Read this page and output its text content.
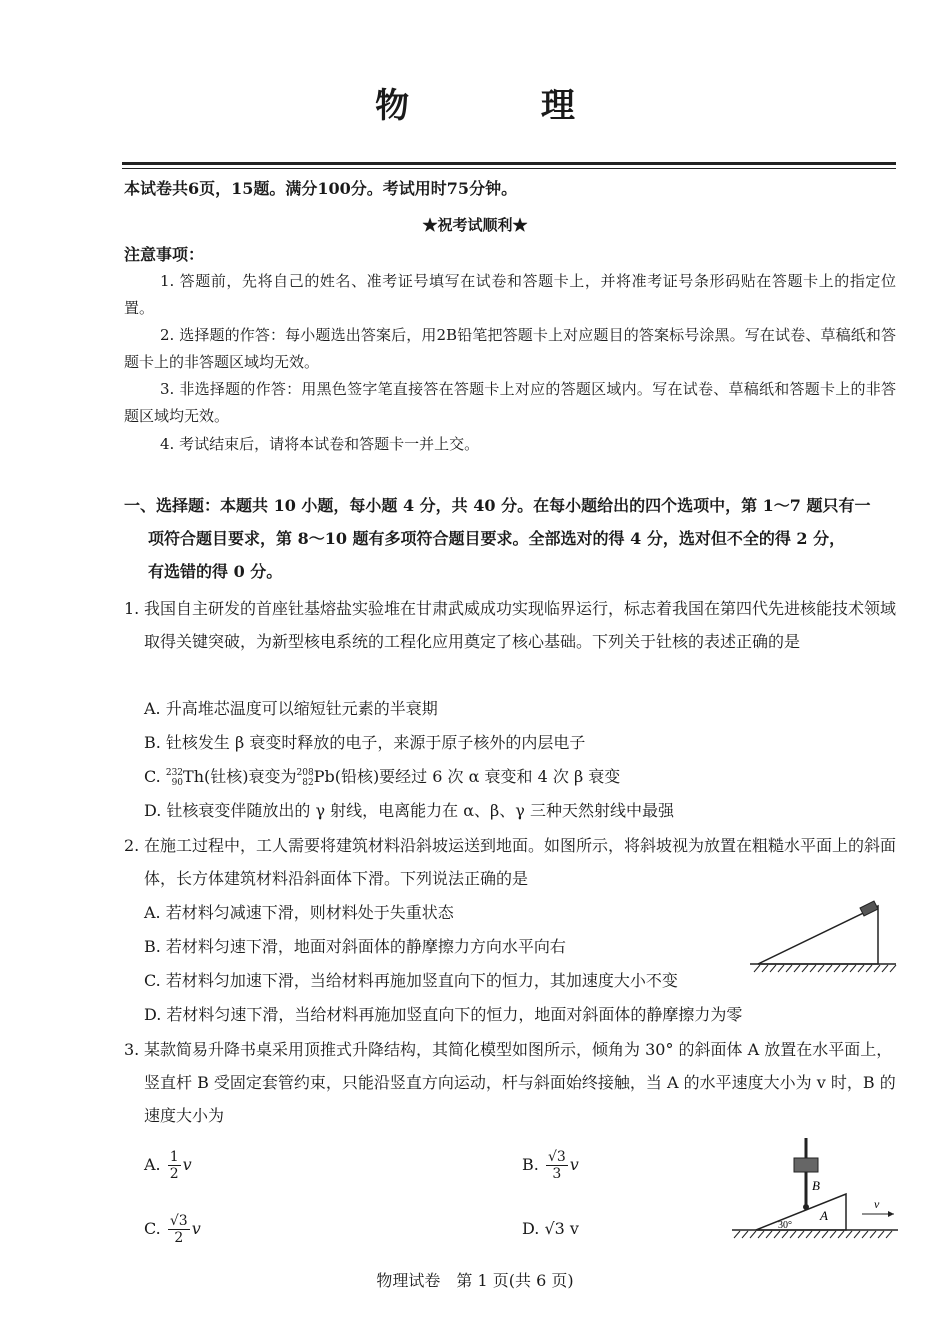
物 理
本试卷共6页，15题。满分100分。考试用时75分钟。
★祝考试顺利★
注意事项：
1. 答题前，先将自己的姓名、准考证号填写在试卷和答题卡上，并将准考证号条形码贴在答题卡上的指定位置。
2. 选择题的作答：每小题选出答案后，用2B铅笔把答题卡上对应题目的答案标号涂黑。写在试卷、草稿纸和答题卡上的非答题区域均无效。
3. 非选择题的作答：用黑色签字笔直接答在答题卡上对应的答题区域内。写在试卷、草稿纸和答题卡上的非答题区域均无效。
4. 考试结束后，请将本试卷和答题卡一并上交。
一、选择题：本题共 10 小题，每小题 4 分，共 40 分。在每小题给出的四个选项中，第 1～7 题只有一
项符合题目要求，第 8～10 题有多项符合题目要求。全部选对的得 4 分，选对但不全的得 2 分，
有选错的得 0 分。
1. 我国自主研发的首座钍基熔盐实验堆在甘肃武威成功实现临界运行，标志着我国在第四代先进核能技术领域取得关键突破，为新型核电系统的工程化应用奠定了核心基础。下列关于钍核的表述正确的是
A. 升高堆芯温度可以缩短钍元素的半衰期
B. 钍核发生 β 衰变时释放的电子，来源于原子核外的内层电子
C. 232
90 Th(钍核)衰变为 208
82 Pb(铅核)要经过 6 次 α 衰变和 4 次 β 衰变
D. 钍核衰变伴随放出的 γ 射线，电离能力在 α、β、γ 三种天然射线中最强
2. 在施工过程中，工人需要将建筑材料沿斜坡运送到地面。如图所示，将斜坡视为放置在粗糙水平面上的斜面体，长方体建筑材料沿斜面体下滑。下列说法正确的是
A. 若材料匀减速下滑，则材料处于失重状态
B. 若材料匀速下滑，地面对斜面体的静摩擦力方向水平向右
C. 若材料匀加速下滑，当给材料再施加竖直向下的恒力，其加速度大小不变
D. 若材料匀速下滑，当给材料再施加竖直向下的恒力，地面对斜面体的静摩擦力为零
3. 某款简易升降书桌采用顶推式升降结构，其简化模型如图所示，倾角为 30° 的斜面体 A 放置在水平面上，竖直杆 B 受固定套管约束，只能沿竖直方向运动，杆与斜面始终接触，当 A 的水平速度大小为 v 时，B 的速度大小为
A. $\frac{1}{2}$ v	B. $\frac{√3}{3}$ v
C. $\frac{√3}{2}$ v	D. √3 v
B
A
30°
v
物理试卷　第 1 页(共 6 页)
